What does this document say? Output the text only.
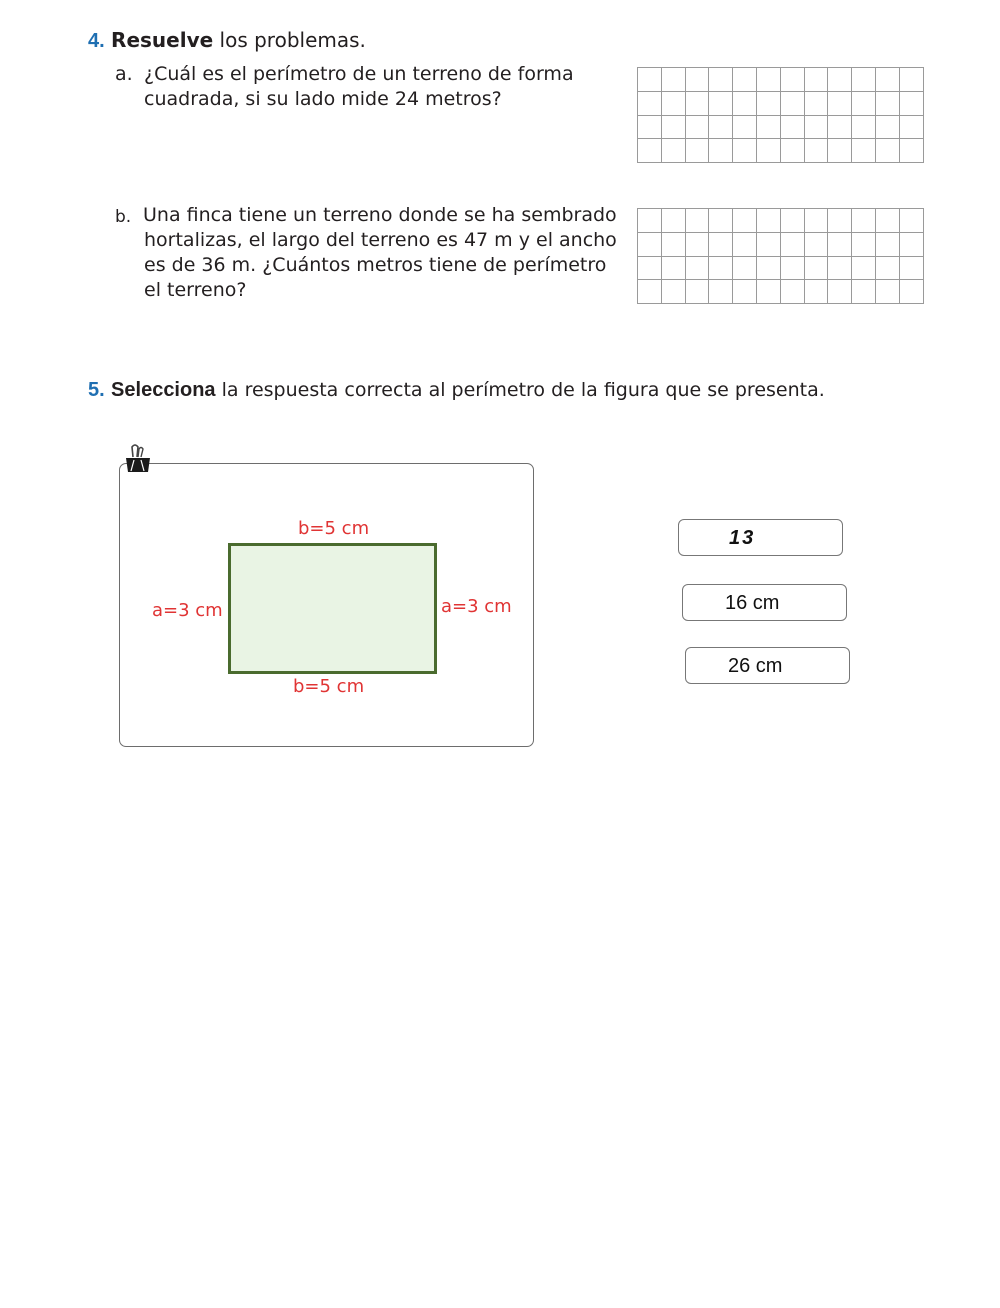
4. Resuelve los problemas.
a. ¿Cuál es el perímetro de un terreno de forma
cuadrada, si su lado mide 24 metros?

b. Una finca tiene un terreno donde se ha sembrado
hortalizas, el largo del terreno es 47 m y el ancho
es de 36 m. ¿Cuántos metros tiene de perímetro
el terreno?

5. Selecciona la respuesta correcta al perímetro de la figura que se presenta.
b=5 cm
b=5 cm
a=3 cm	a=3 cm
13
16 cm
26 cm
